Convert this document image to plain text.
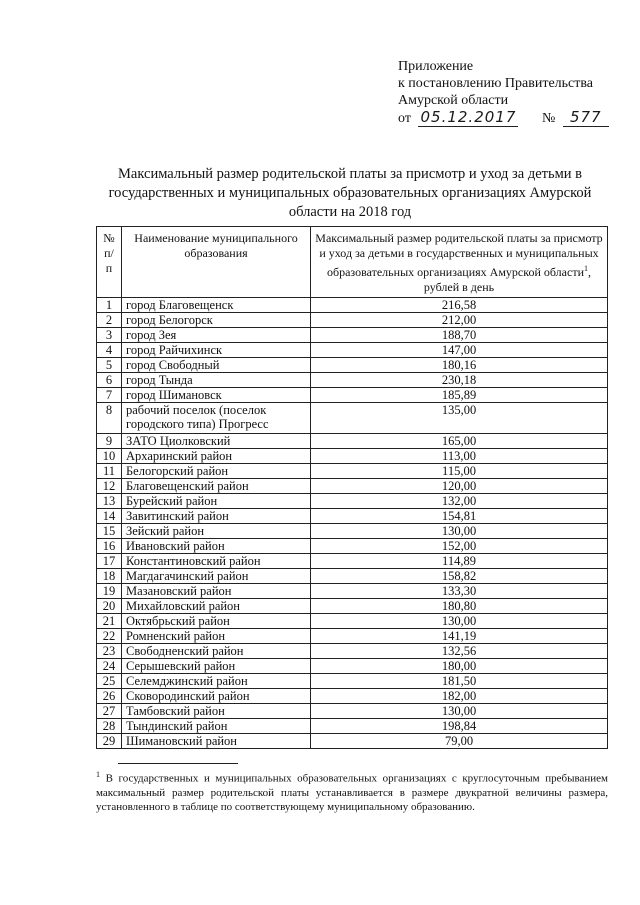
Приложение
к постановлению Правительства
Амурской области
от 05.12.2017 № 577
Максимальный размер родительской платы за присмотр и уход за детьми в государственных и муниципальных образовательных организациях Амурской области на 2018 год
№ п/п	Наименование муниципального образования	Максимальный размер родительской платы за присмотр и уход за детьми в государственных и муниципальных образовательных организациях Амурской области$^1$, рублей в день
1	город Благовещенск	216,58
2	город Белогорск	212,00
3	город Зея	188,70
4	город Райчихинск	147,00
5	город Свободный	180,16
6	город Тында	230,18
7	город Шимановск	185,89
8	рабочий поселок (поселок городского типа) Прогресс	135,00
9	ЗАТО Циолковский	165,00
10	Архаринский район	113,00
11	Белогорский район	115,00
12	Благовещенский район	120,00
13	Бурейский район	132,00
14	Завитинский район	154,81
15	Зейский район	130,00
16	Ивановский район	152,00
17	Константиновский район	114,89
18	Магдагачинский район	158,82
19	Мазановский район	133,30
20	Михайловский район	180,80
21	Октябрьский район	130,00
22	Ромненский район	141,19
23	Свободненский район	132,56
24	Серышевский район	180,00
25	Селемджинский район	181,50
26	Сковородинский район	182,00
27	Тамбовский район	130,00
28	Тындинский район	198,84
29	Шимановский район	79,00
$^1$ В государственных и муниципальных образовательных организациях с круглосуточным пребыванием максимальный размер родительской платы устанавливается в размере двукратной величины размера, установленного в таблице по соответствующему муниципальному образованию.
